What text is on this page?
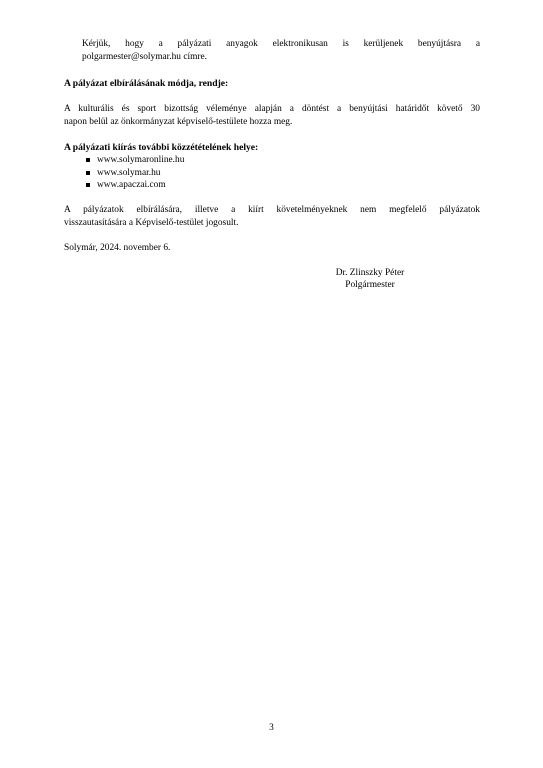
Kérjük, hogy a pályázati anyagok elektronikusan is kerüljenek benyújtásra a
polgarmester@solymar.hu címre.
A pályázat elbírálásának módja, rendje:
A kulturális és sport bizottság véleménye alapján a döntést a benyújtási határidőt követő 30
napon belül az önkormányzat képviselő-testülete hozza meg.
A pályázati kiírás további közzétételének helye:
www.solymaronline.hu
www.solymar.hu
www.apaczai.com
A pályázatok elbírálására, illetve a kiírt követelményeknek nem megfelelő pályázatok
visszautasítására a Képviselő-testület jogosult.
Solymár, 2024. november 6.
Dr. Zlinszky Péter
Polgármester
3
